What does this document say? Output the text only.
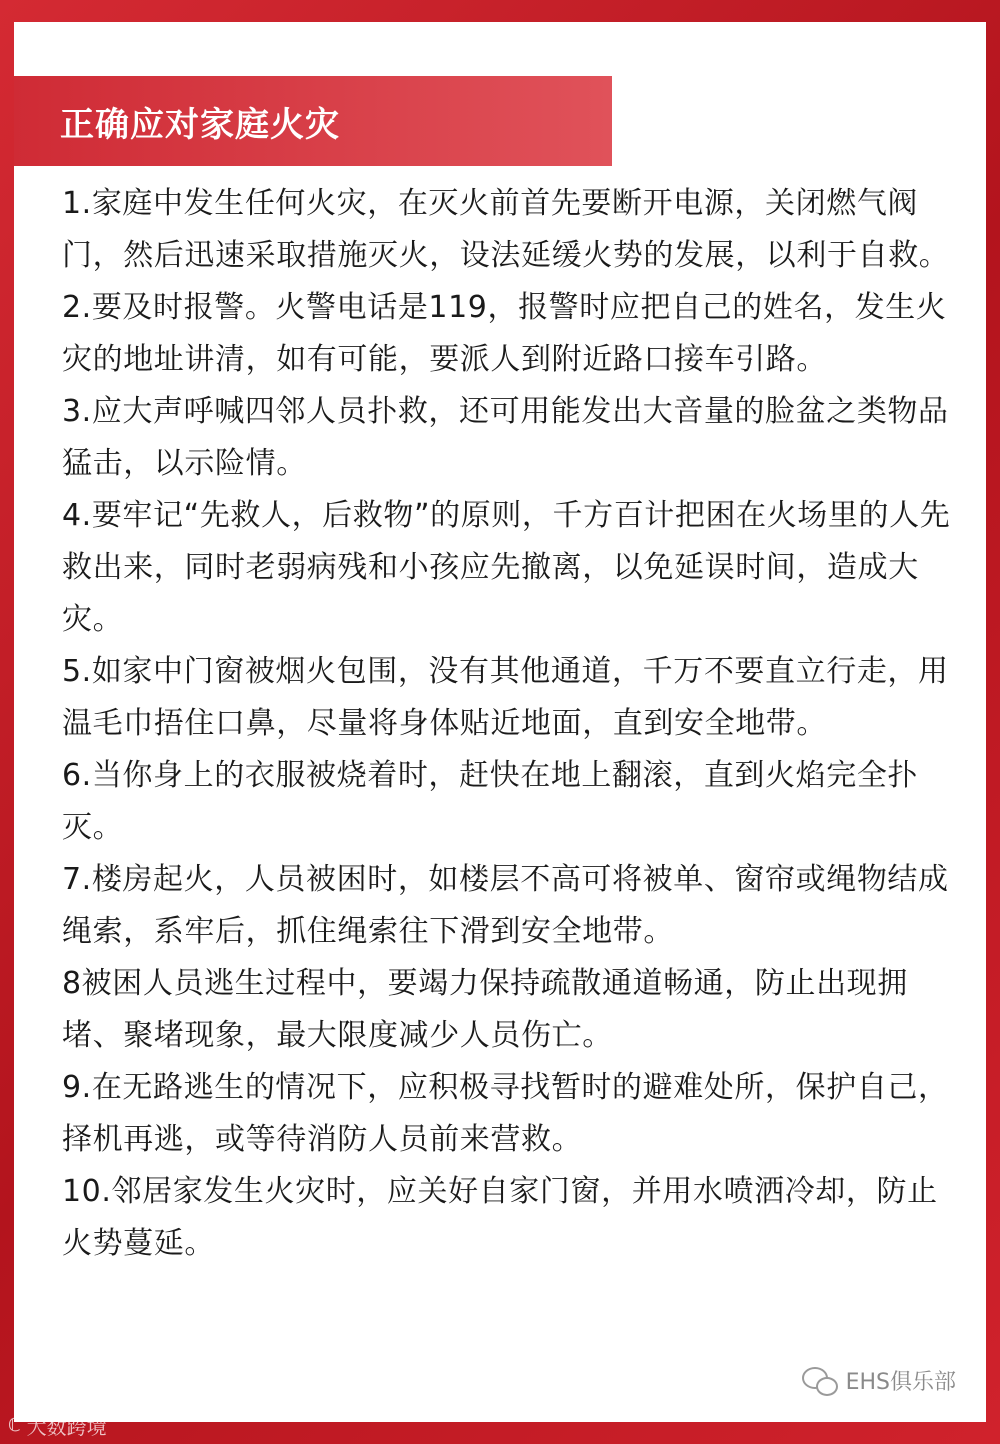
正确应对家庭火灾

1.家庭中发生任何火灾，在灭火前首先要断开电源，关闭燃气阀门，然后迅速采取措施灭火，设法延缓火势的发展，以利于自救。

2.要及时报警。火警电话是119，报警时应把自己的姓名，发生火灾的地址讲清，如有可能，要派人到附近路口接车引路。

3.应大声呼喊四邻人员扑救，还可用能发出大音量的脸盆之类物品猛击，以示险情。

4.要牢记“先救人，后救物”的原则，千方百计把困在火场里的人先救出来，同时老弱病残和小孩应先撤离，以免延误时间，造成大灾。

5.如家中门窗被烟火包围，没有其他通道，千万不要直立行走，用温毛巾捂住口鼻，尽量将身体贴近地面，直到安全地带。

6.当你身上的衣服被烧着时，赶快在地上翻滚，直到火焰完全扑灭。

7.楼房起火，人员被困时，如楼层不高可将被单、窗帘或绳物结成绳索，系牢后，抓住绳索往下滑到安全地带。

8被困人员逃生过程中，要竭力保持疏散通道畅通，防止出现拥堵、聚堵现象，最大限度减少人员伤亡。

9.在无路逃生的情况下，应积极寻找暂时的避难处所，保护自己，择机再逃，或等待消防人员前来营救。

10.邻居家发生火灾时，应关好自家门窗，并用水喷洒冷却，防止火势蔓延。

EHS俱乐部
ℂ 大数跨境
